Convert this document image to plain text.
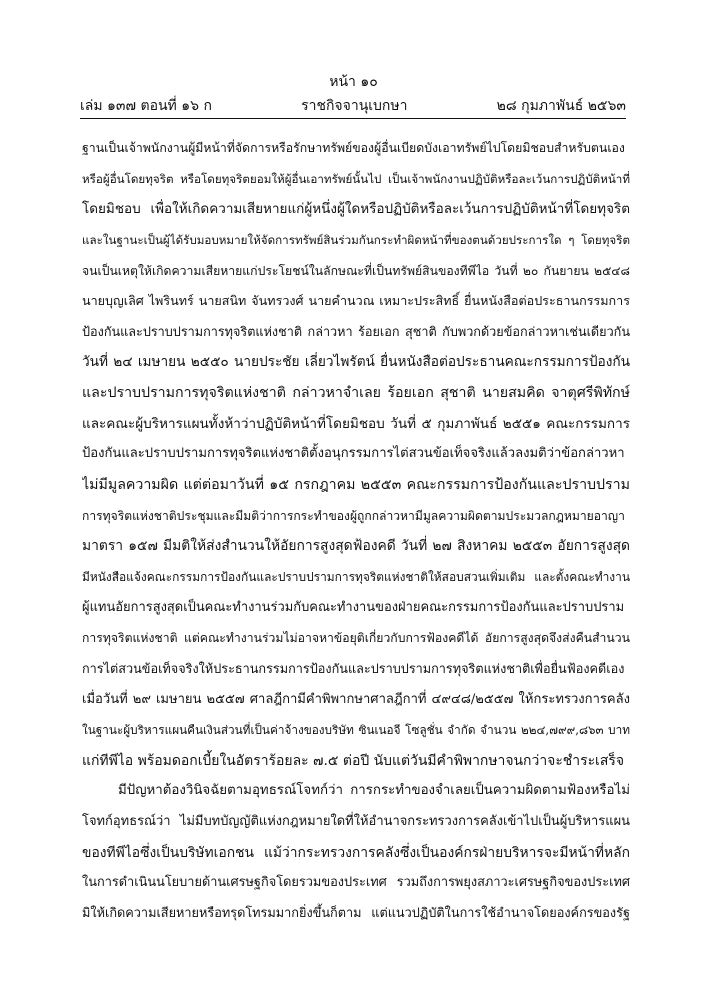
หน้า ๑๐
เล่ม ๑๓๗ ตอนที่ ๑๖ ก	ราชกิจจานุเบกษา	๒๘ กุมภาพันธ์ ๒๕๖๓
ฐานเป็นเจ้าพนักงานผู้มีหน้าที่จัดการหรือรักษาทรัพย์ของผู้อื่นเบียดบังเอาทรัพย์ไปโดยมิชอบสำหรับตนเอง
หรือผู้อื่นโดยทุจริต หรือโดยทุจริตยอมให้ผู้อื่นเอาทรัพย์นั้นไป เป็นเจ้าพนักงานปฏิบัติหรือละเว้นการปฏิบัติหน้าที่
โดยมิชอบ เพื่อให้เกิดความเสียหายแก่ผู้หนึ่งผู้ใดหรือปฏิบัติหรือละเว้นการปฏิบัติหน้าที่โดยทุจริต
และในฐานะเป็นผู้ได้รับมอบหมายให้จัดการทรัพย์สินร่วมกันกระทำผิดหน้าที่ของตนด้วยประการใด ๆ โดยทุจริต
จนเป็นเหตุให้เกิดความเสียหายแก่ประโยชน์ในลักษณะที่เป็นทรัพย์สินของทีพีไอ วันที่ ๒๐ กันยายน ๒๕๔๘
นายบุญเลิศ ไพรินทร์ นายสนิท จันทรวงศ์ นายคำนวณ เหมาะประสิทธิ์ ยื่นหนังสือต่อประธานกรรมการ
ป้องกันและปราบปรามการทุจริตแห่งชาติ กล่าวหา ร้อยเอก สุชาติ กับพวกด้วยข้อกล่าวหาเช่นเดียวกัน
วันที่ ๒๔ เมษายน ๒๕๕๐ นายประชัย เลี่ยวไพรัตน์ ยื่นหนังสือต่อประธานคณะกรรมการป้องกัน
และปราบปรามการทุจริตแห่งชาติ กล่าวหาจำเลย ร้อยเอก สุชาติ นายสมคิด จาตุศรีพิทักษ์
และคณะผู้บริหารแผนทั้งห้าว่าปฏิบัติหน้าที่โดยมิชอบ วันที่ ๕ กุมภาพันธ์ ๒๕๕๑ คณะกรรมการ
ป้องกันและปราบปรามการทุจริตแห่งชาติตั้งอนุกรรมการไต่สวนข้อเท็จจริงแล้วลงมติว่าข้อกล่าวหา
ไม่มีมูลความผิด แต่ต่อมาวันที่ ๑๕ กรกฎาคม ๒๕๕๓ คณะกรรมการป้องกันและปราบปราม
การทุจริตแห่งชาติประชุมและมีมติว่าการกระทำของผู้ถูกกล่าวหามีมูลความผิดตามประมวลกฎหมายอาญา
มาตรา ๑๕๗ มีมติให้ส่งสำนวนให้อัยการสูงสุดฟ้องคดี วันที่ ๒๗ สิงหาคม ๒๕๕๓ อัยการสูงสุด
มีหนังสือแจ้งคณะกรรมการป้องกันและปราบปรามการทุจริตแห่งชาติให้สอบสวนเพิ่มเติม และตั้งคณะทำงาน
ผู้แทนอัยการสูงสุดเป็นคณะทำงานร่วมกับคณะทำงานของฝ่ายคณะกรรมการป้องกันและปราบปราม
การทุจริตแห่งชาติ แต่คณะทำงานร่วมไม่อาจหาข้อยุติเกี่ยวกับการฟ้องคดีได้ อัยการสูงสุดจึงส่งคืนสำนวน
การไต่สวนข้อเท็จจริงให้ประธานกรรมการป้องกันและปราบปรามการทุจริตแห่งชาติเพื่อยื่นฟ้องคดีเอง
เมื่อวันที่ ๒๙ เมษายน ๒๕๕๗ ศาลฎีกามีคำพิพากษาศาลฎีกาที่ ๔๙๔๘/๒๕๕๗ ให้กระทรวงการคลัง
ในฐานะผู้บริหารแผนคืนเงินส่วนที่เป็นค่าจ้างของบริษัท ซินเนอจี โซลูชั่น จำกัด จำนวน ๒๒๔,๗๙๙,๘๖๓ บาท
แก่ทีพีไอ พร้อมดอกเบี้ยในอัตราร้อยละ ๗.๕ ต่อปี นับแต่วันมีคำพิพากษาจนกว่าจะชำระเสร็จ
มีปัญหาต้องวินิจฉัยตามอุทธรณ์โจทก์ว่า การกระทำของจำเลยเป็นความผิดตามฟ้องหรือไม่
โจทก์อุทธรณ์ว่า ไม่มีบทบัญญัติแห่งกฎหมายใดที่ให้อำนาจกระทรวงการคลังเข้าไปเป็นผู้บริหารแผน
ของทีพีไอซึ่งเป็นบริษัทเอกชน แม้ว่ากระทรวงการคลังซึ่งเป็นองค์กรฝ่ายบริหารจะมีหน้าที่หลัก
ในการดำเนินนโยบายด้านเศรษฐกิจโดยรวมของประเทศ รวมถึงการพยุงสภาวะเศรษฐกิจของประเทศ
มิให้เกิดความเสียหายหรือทรุดโทรมมากยิ่งขึ้นก็ตาม แต่แนวปฏิบัติในการใช้อำนาจโดยองค์กรของรัฐ
